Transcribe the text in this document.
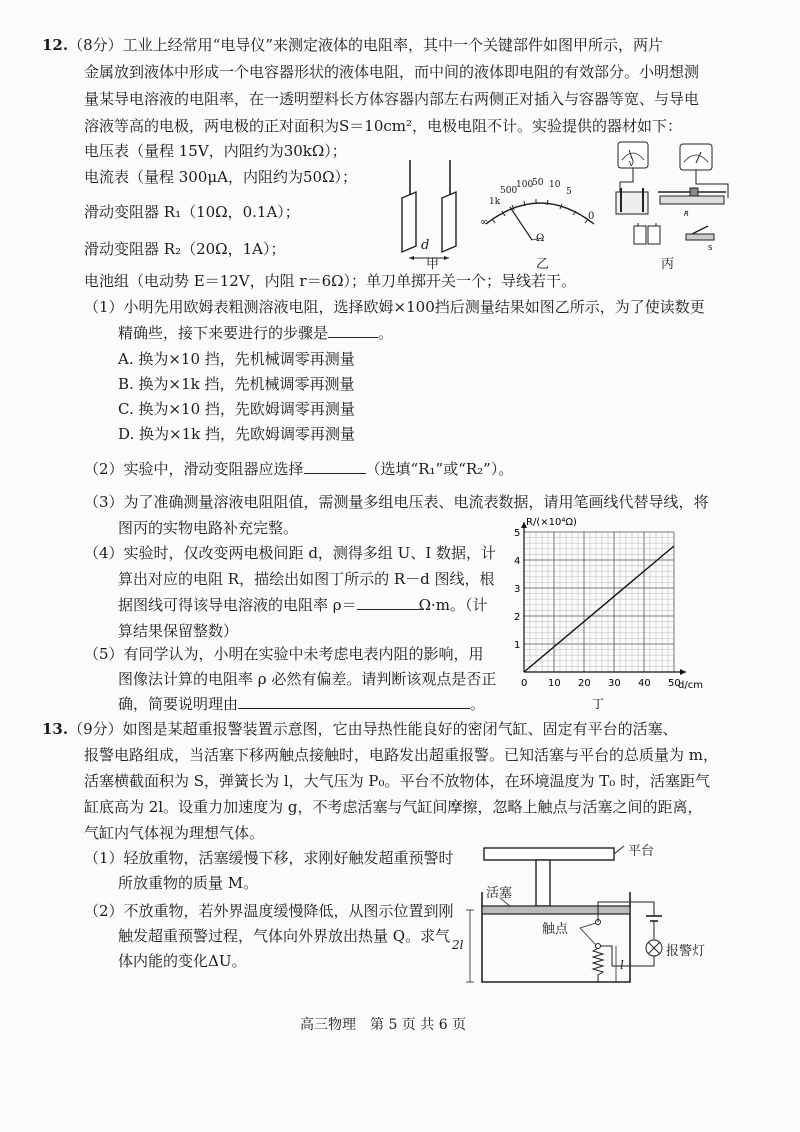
12.（8分）工业上经常用“电导仪”来测定液体的电阻率，其中一个关键部件如图甲所示，两片
金属放到液体中形成一个电容器形状的液体电阻，而中间的液体即电阻的有效部分。小明想测
量某导电溶液的电阻率，在一透明塑料长方体容器内部左右两侧正对插入与容器等宽、与导电
溶液等高的电极，两电极的正对面积为S＝10cm²，电极电阻不计。实验提供的器材如下：
电压表（量程 15V，内阻约为30kΩ）；
电流表（量程 300μA，内阻约为50Ω）；
滑动变阻器 R₁（10Ω，0.1A）；
滑动变阻器 R₂（20Ω，1A）；
电池组（电动势 E＝12V，内阻 r＝6Ω）；单刀单掷开关一个；导线若干。
d
甲
1k
500
100
50 10
5
∞
0
Ω
乙
V
R
S
丙
（1）小明先用欧姆表粗测溶液电阻，选择欧姆×100挡后测量结果如图乙所示，为了使读数更
精确些，接下来要进行的步骤是	。
A. 换为×10 挡，先机械调零再测量
B. 换为×1k 挡，先机械调零再测量
C. 换为×10 挡，先欧姆调零再测量
D. 换为×1k 挡，先欧姆调零再测量
（2）实验中，滑动变阻器应选择	（选填“R₁”或“R₂”）。
（3）为了准确测量溶液电阻阻值，需测量多组电压表、电流表数据，请用笔画线代替导线，将
图丙的实物电路补充完整。
（4）实验时，仅改变两电极间距 d，测得多组 U、I 数据，计
算出对应的电阻 R，描绘出如图丁所示的 R－d 图线，根
据图线可得该导电溶液的电阻率 ρ＝	Ω·m。（计
算结果保留整数）
（5）有同学认为，小明在实验中未考虑电表内阻的影响，用
图像法计算的电阻率 ρ 必然有偏差。请判断该观点是否正
确，简要说明理由	。
0 10 20 30 40 50
1
2
3
4
5
R/(×10⁴Ω)
d/cm
丁
13.（9分）如图是某超重报警装置示意图，它由导热性能良好的密闭气缸、固定有平台的活塞、
报警电路组成，当活塞下移两触点接触时，电路发出超重报警。已知活塞与平台的总质量为 m，
活塞横截面积为 S，弹簧长为 l，大气压为 P₀。平台不放物体，在环境温度为 T₀ 时，活塞距气
缸底高为 2l。设重力加速度为 g，不考虑活塞与气缸间摩擦，忽略上触点与活塞之间的距离，
气缸内气体视为理想气体。
（1）轻放重物，活塞缓慢下移，求刚好触发超重预警时
所放重物的质量 M。
（2）不放重物，若外界温度缓慢降低，从图示位置到刚
触发超重预警过程，气体向外界放出热量 Q。求气
体内能的变化ΔU。
平台
活塞
触点
报警灯
2l
l
高三物理　第 5 页 共 6 页
